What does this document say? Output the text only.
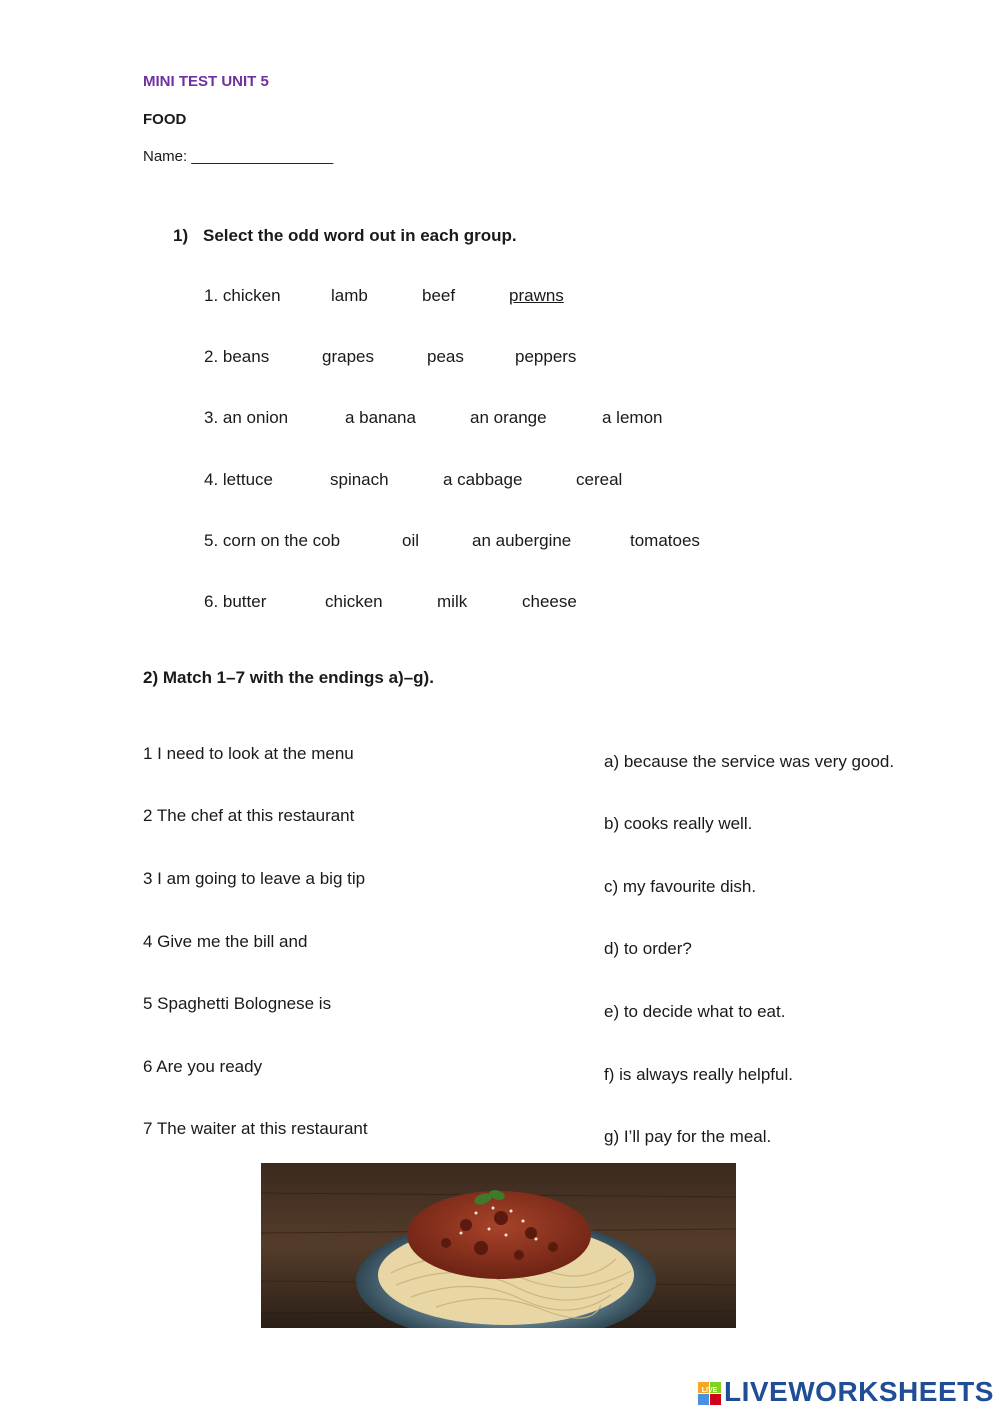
MINI TEST UNIT 5
FOOD
Name: _________________
1) Select the odd word out in each group.
1. chicken	lamb	beef	prawns
2. beans	grapes	peas	peppers
3. an onion	a banana	an orange	a lemon
4. lettuce	spinach	a cabbage	cereal
5. corn on the cob	oil	an aubergine	tomatoes
6. butter	chicken	milk	cheese
2) Match 1–7 with the endings a)–g).
1 I need to look at the menu
2 The chef at this restaurant
3 I am going to leave a big tip
4 Give me the bill and
5 Spaghetti Bolognese is
6 Are you ready
7 The waiter at this restaurant
a) because the service was very good.
b) cooks really well.
c) my favourite dish.
d) to order?
e) to decide what to eat.
f) is always really helpful.
g) I’ll pay for the meal.
LIVE LIVEWORKSHEETS
